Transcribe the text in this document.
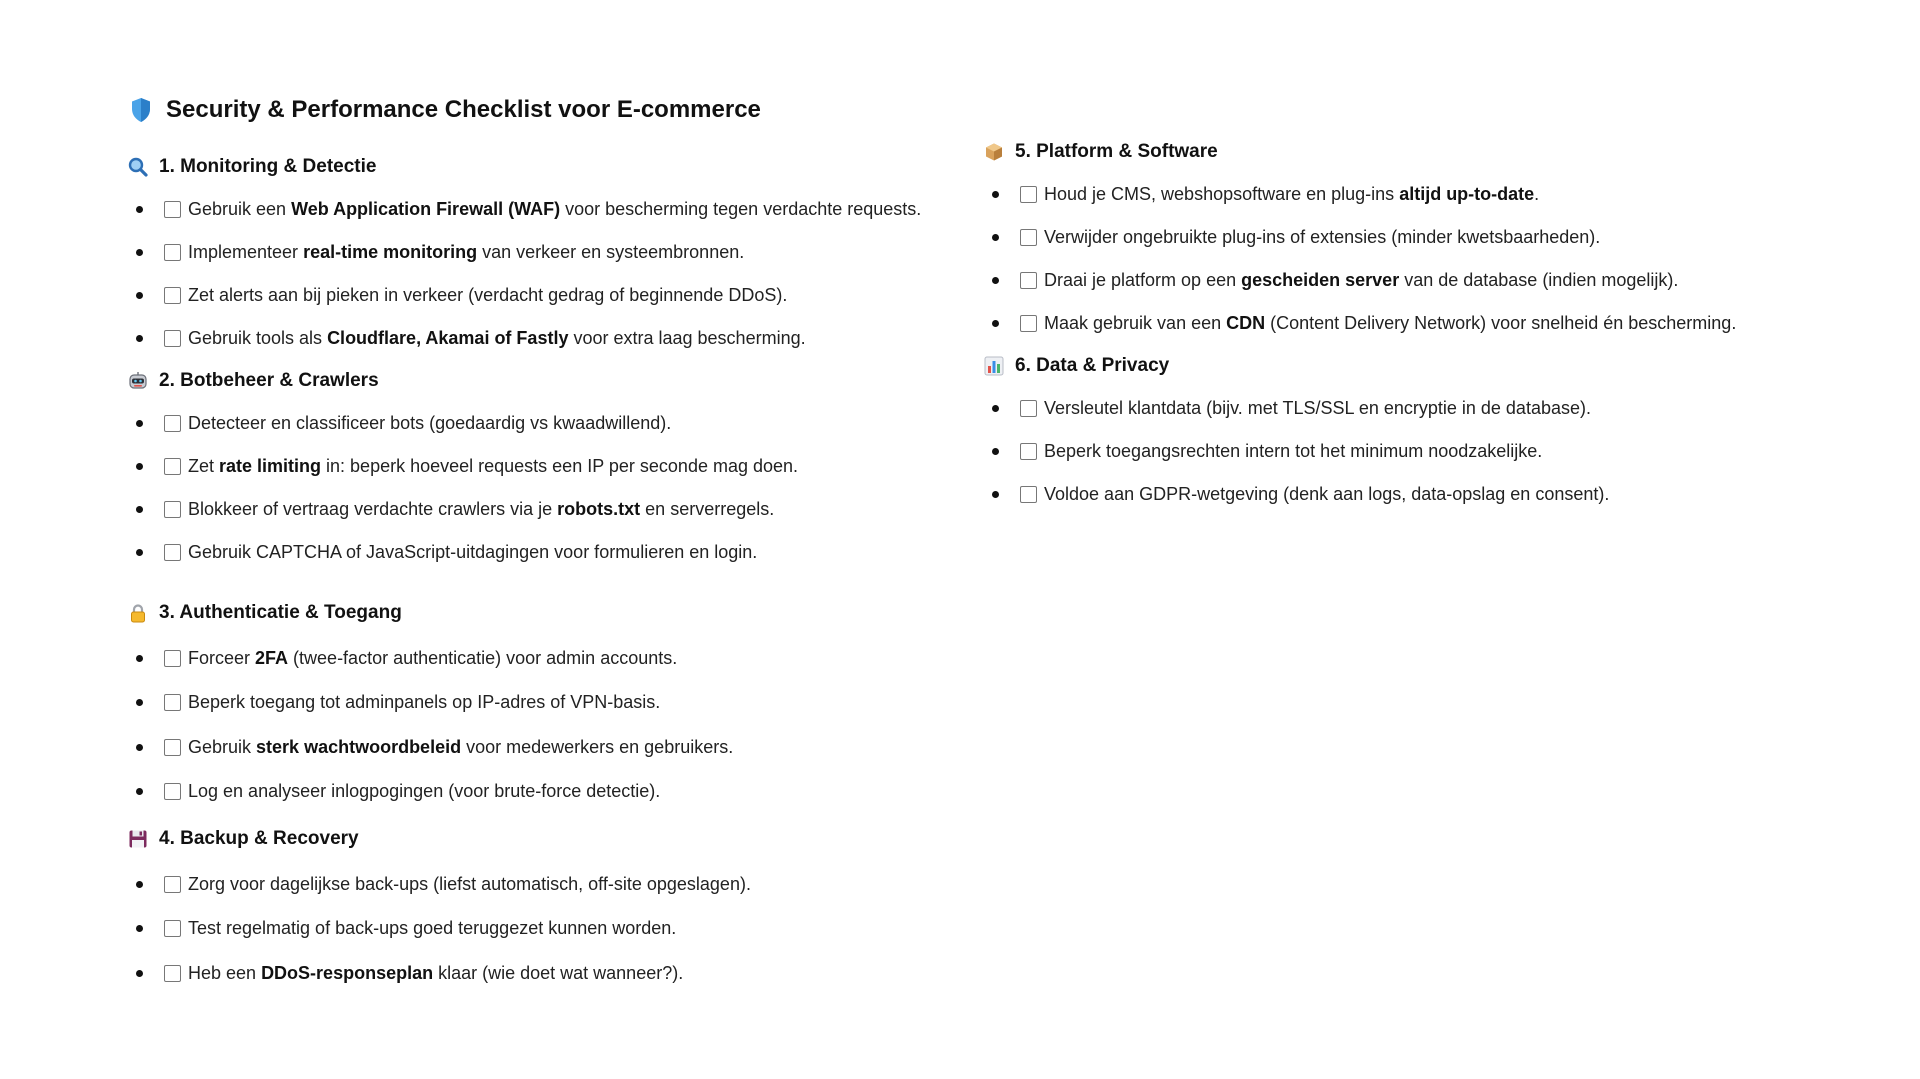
Security & Performance Checklist voor E-commerce
1. Monitoring & Detectie
Gebruik een Web Application Firewall (WAF) voor bescherming tegen verdachte requests.
Implementeer real-time monitoring van verkeer en systeembronnen.
Zet alerts aan bij pieken in verkeer (verdacht gedrag of beginnende DDoS).
Gebruik tools als Cloudflare, Akamai of Fastly voor extra laag bescherming.
2. Botbeheer & Crawlers
Detecteer en classificeer bots (goedaardig vs kwaadwillend).
Zet rate limiting in: beperk hoeveel requests een IP per seconde mag doen.
Blokkeer of vertraag verdachte crawlers via je robots.txt en serverregels.
Gebruik CAPTCHA of JavaScript-uitdagingen voor formulieren en login.
3. Authenticatie & Toegang
Forceer 2FA (twee-factor authenticatie) voor admin accounts.
Beperk toegang tot adminpanels op IP-adres of VPN-basis.
Gebruik sterk wachtwoordbeleid voor medewerkers en gebruikers.
Log en analyseer inlogpogingen (voor brute-force detectie).
4. Backup & Recovery
Zorg voor dagelijkse back-ups (liefst automatisch, off-site opgeslagen).
Test regelmatig of back-ups goed teruggezet kunnen worden.
Heb een DDoS-responseplan klaar (wie doet wat wanneer?).
5. Platform & Software
Houd je CMS, webshopsoftware en plug-ins altijd up-to-date.
Verwijder ongebruikte plug-ins of extensies (minder kwetsbaarheden).
Draai je platform op een gescheiden server van de database (indien mogelijk).
Maak gebruik van een CDN (Content Delivery Network) voor snelheid én bescherming.
6. Data & Privacy
Versleutel klantdata (bijv. met TLS/SSL en encryptie in de database).
Beperk toegangsrechten intern tot het minimum noodzakelijke.
Voldoe aan GDPR-wetgeving (denk aan logs, data-opslag en consent).
